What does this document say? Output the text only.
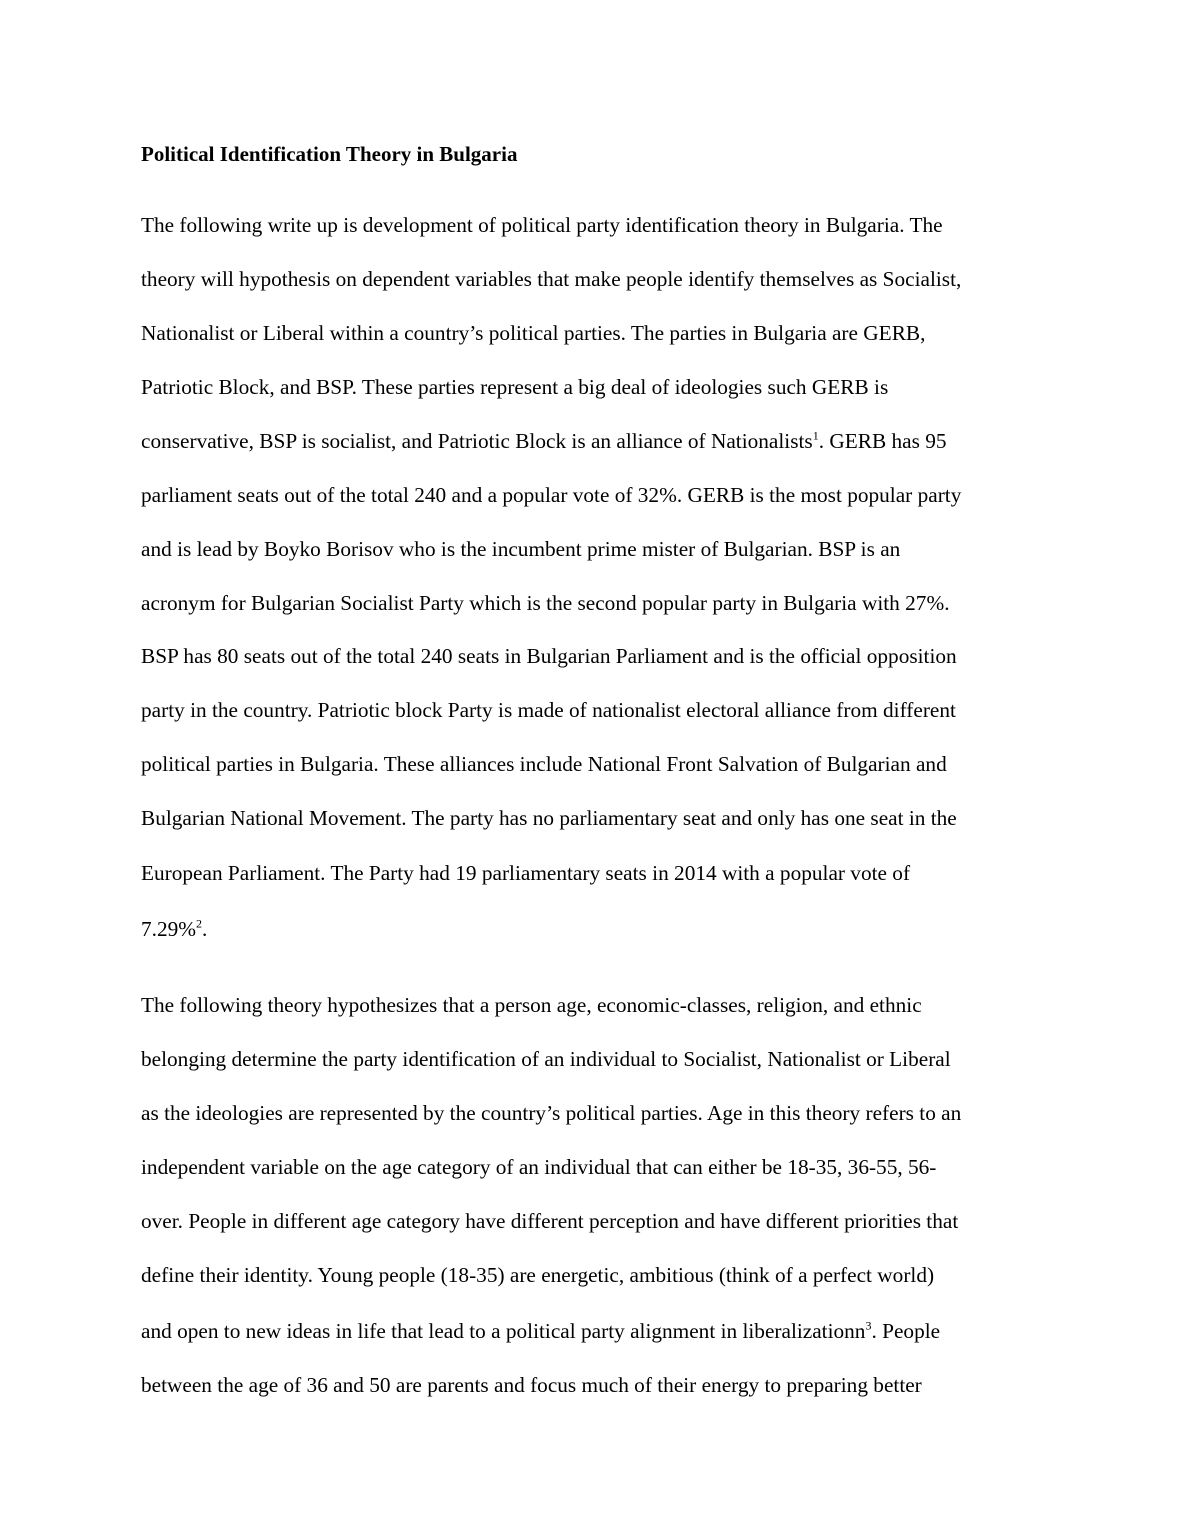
Political Identification Theory in Bulgaria
The following write up is development of political party identification theory in Bulgaria. The
theory will hypothesis on dependent variables that make people identify themselves as Socialist,
Nationalist or Liberal within a country’s political parties. The parties in Bulgaria are GERB,
Patriotic Block, and BSP. These parties represent a big deal of ideologies such GERB is
conservative, BSP is socialist, and Patriotic Block is an alliance of Nationalists$^1$. GERB has 95
parliament seats out of the total 240 and a popular vote of 32%. GERB is the most popular party
and is lead by Boyko Borisov who is the incumbent prime mister of Bulgarian. BSP is an
acronym for Bulgarian Socialist Party which is the second popular party in Bulgaria with 27%.
BSP has 80 seats out of the total 240 seats in Bulgarian Parliament and is the official opposition
party in the country. Patriotic block Party is made of nationalist electoral alliance from different
political parties in Bulgaria. These alliances include National Front Salvation of Bulgarian and
Bulgarian National Movement. The party has no parliamentary seat and only has one seat in the
European Parliament. The Party had 19 parliamentary seats in 2014 with a popular vote of
7.29%$^2$.
The following theory hypothesizes that a person age, economic-classes, religion, and ethnic
belonging determine the party identification of an individual to Socialist, Nationalist or Liberal
as the ideologies are represented by the country’s political parties. Age in this theory refers to an
independent variable on the age category of an individual that can either be 18-35, 36-55, 56-
over. People in different age category have different perception and have different priorities that
define their identity. Young people (18-35) are energetic, ambitious (think of a perfect world)
and open to new ideas in life that lead to a political party alignment in liberalizationn$^3$. People
between the age of 36 and 50 are parents and focus much of their energy to preparing better
